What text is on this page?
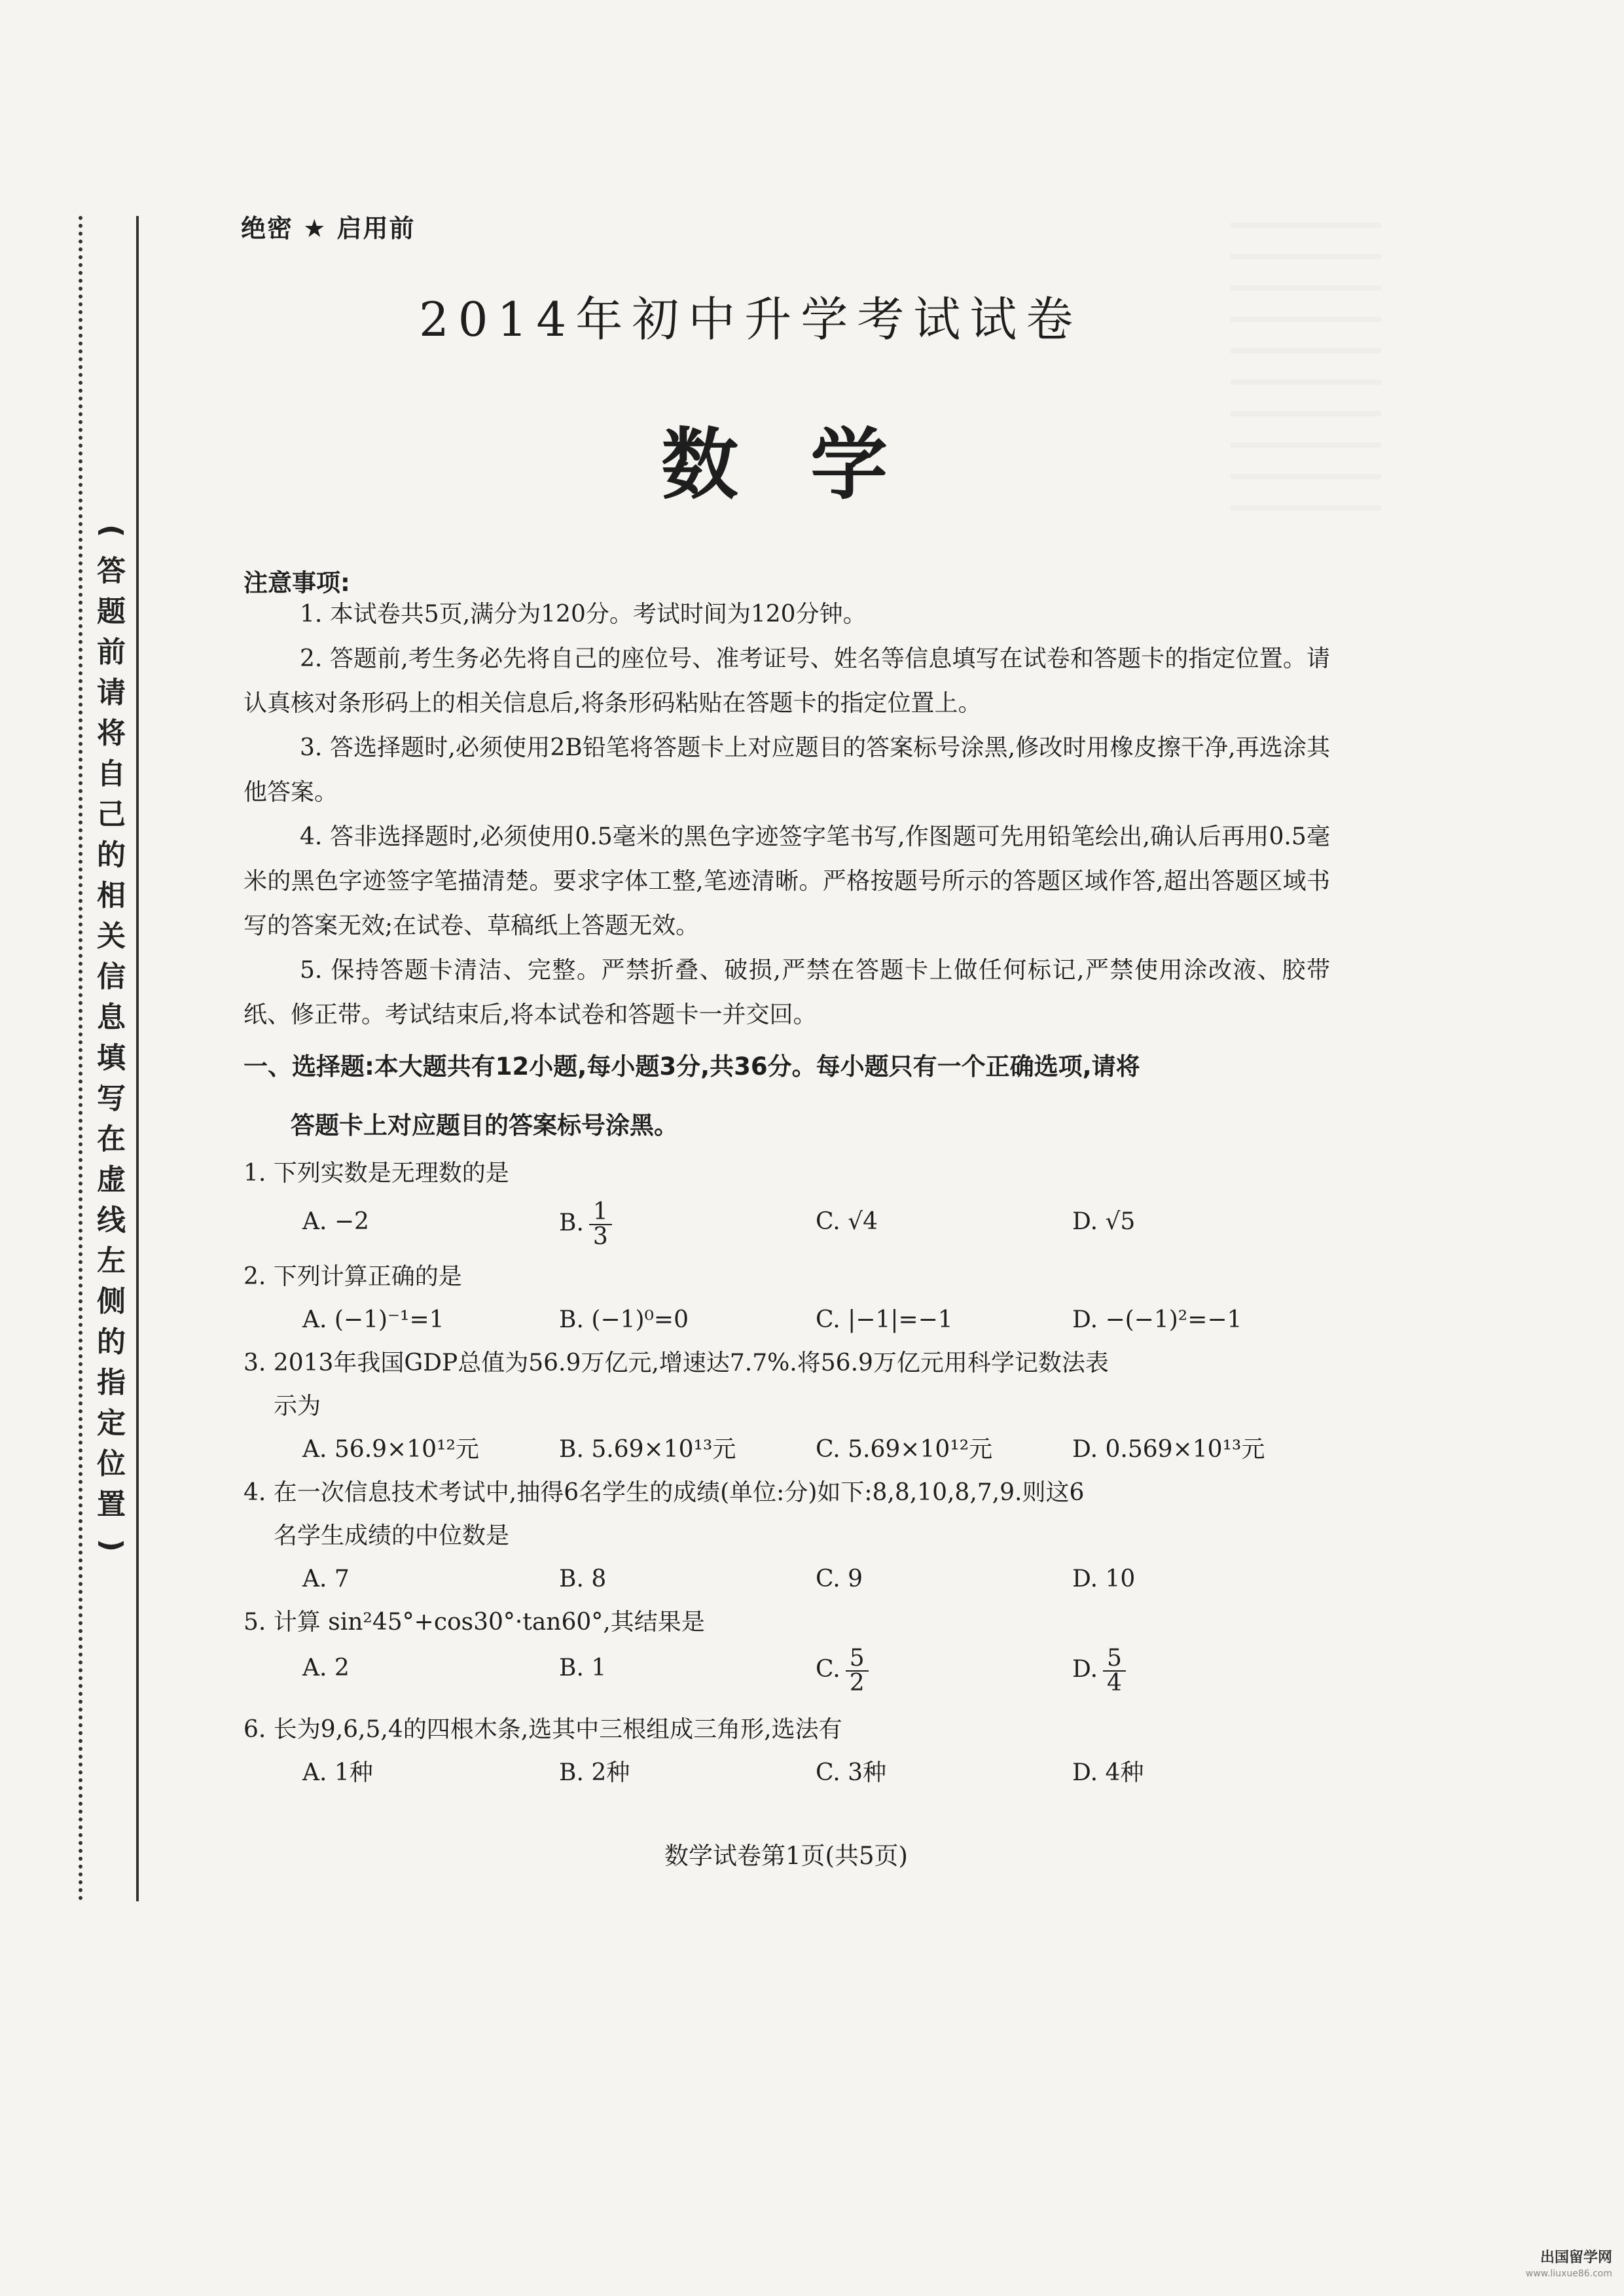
(
答
题
前
请
将
自
己
的
相
关
信
息
填
写
在
虚
线
左
侧
的
指
定
位
置
)
绝密 ★ 启用前
2014年初中升学考试试卷
数学
注意事项:

1. 本试卷共5页,满分为120分。考试时间为120分钟。

2. 答题前,考生务必先将自己的座位号、准考证号、姓名等信息填写在试卷和答题卡的指定位置。请认真核对条形码上的相关信息后,将条形码粘贴在答题卡的指定位置上。

3. 答选择题时,必须使用2B铅笔将答题卡上对应题目的答案标号涂黑,修改时用橡皮擦干净,再选涂其他答案。

4. 答非选择题时,必须使用0.5毫米的黑色字迹签字笔书写,作图题可先用铅笔绘出,确认后再用0.5毫米的黑色字迹签字笔描清楚。要求字体工整,笔迹清晰。严格按题号所示的答题区域作答,超出答题区域书写的答案无效;在试卷、草稿纸上答题无效。

5. 保持答题卡清洁、完整。严禁折叠、破损,严禁在答题卡上做任何标记,严禁使用涂改液、胶带纸、修正带。考试结束后,将本试卷和答题卡一并交回。

一、选择题:本大题共有12小题,每小题3分,共36分。每小题只有一个正确选项,请将
答题卡上对应题目的答案标号涂黑。
1. 下列实数是无理数的是
A. −2	B. $\frac{1}{3}$	C. √4	D. √5
2. 下列计算正确的是
A. (−1)⁻¹=1	B. (−1)⁰=0	C. |−1|=−1	D. −(−1)²=−1
3. 2013年我国GDP总值为56.9万亿元,增速达7.7%.将56.9万亿元用科学记数法表
示为
A. 56.9×10¹²元	B. 5.69×10¹³元	C. 5.69×10¹²元	D. 0.569×10¹³元
4. 在一次信息技术考试中,抽得6名学生的成绩(单位:分)如下:8,8,10,8,7,9.则这6
名学生成绩的中位数是
A. 7	B. 8	C. 9	D. 10
5. 计算 sin²45°+cos30°·tan60°,其结果是
A. 2	B. 1	C. $\frac{5}{2}$	D. $\frac{5}{4}$
6. 长为9,6,5,4的四根木条,选其中三根组成三角形,选法有
A. 1种	B. 2种	C. 3种	D. 4种
数学试卷第1页(共5页)
出国留学网
www.liuxue86.com
